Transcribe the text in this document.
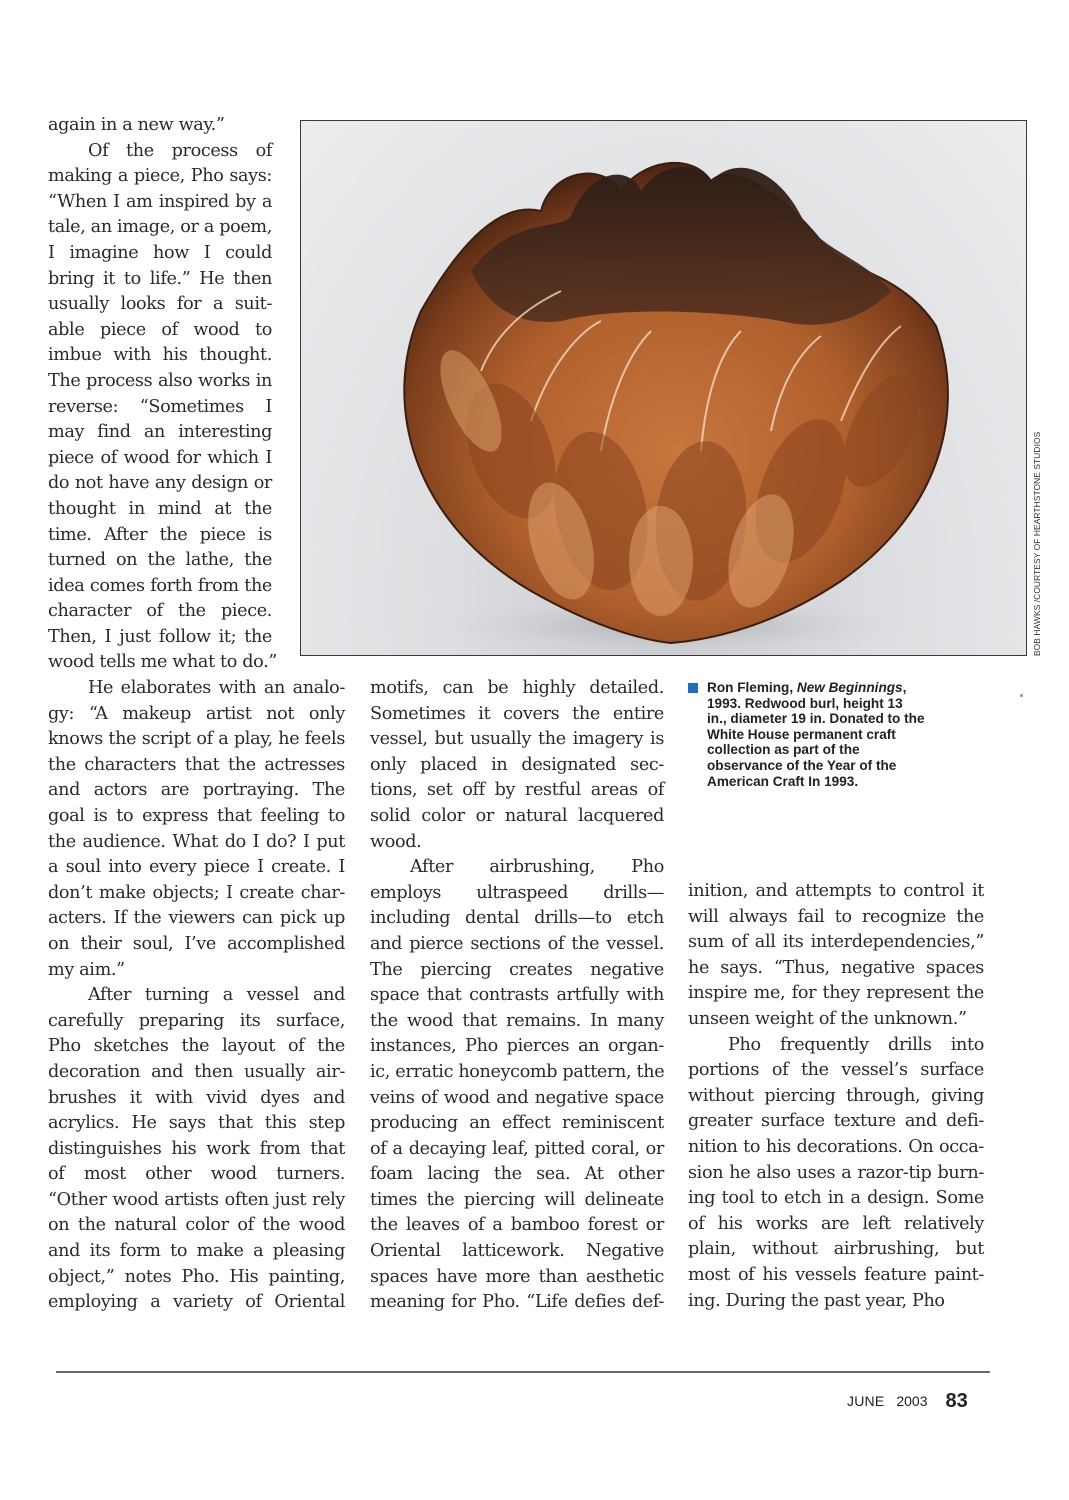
again in a new way.”
Of the process of
making a piece, Pho says:
“When I am inspired by a
tale, an image, or a poem,
I imagine how I could
bring it to life.” He then
usually looks for a suit-
able piece of wood to
imbue with his thought.
The process also works in
reverse: “Sometimes I
may find an interesting
piece of wood for which I
do not have any design or
thought in mind at the
time. After the piece is
turned on the lathe, the
idea comes forth from the
character of the piece.
Then, I just follow it; the
wood tells me what to do.”
BOB HAWKS /COURTESY OF HEARTHSTONE STUDIOS
He elaborates with an analo-
gy: “A makeup artist not only
knows the script of a play, he feels
the characters that the actresses
and actors are portraying. The
goal is to express that feeling to
the audience. What do I do? I put
a soul into every piece I create. I
don’t make objects; I create char-
acters. If the viewers can pick up
on their soul, I’ve accomplished
my aim.”
After turning a vessel and
carefully preparing its surface,
Pho sketches the layout of the
decoration and then usually air-
brushes it with vivid dyes and
acrylics. He says that this step
distinguishes his work from that
of most other wood turners.
“Other wood artists often just rely
on the natural color of the wood
and its form to make a pleasing
object,” notes Pho. His painting,
employing a variety of Oriental
motifs, can be highly detailed.
Sometimes it covers the entire
vessel, but usually the imagery is
only placed in designated sec-
tions, set off by restful areas of
solid color or natural lacquered
wood.
After airbrushing, Pho
employs ultraspeed drills—
including dental drills—to etch
and pierce sections of the vessel.
The piercing creates negative
space that contrasts artfully with
the wood that remains. In many
instances, Pho pierces an organ-
ic, erratic honeycomb pattern, the
veins of wood and negative space
producing an effect reminiscent
of a decaying leaf, pitted coral, or
foam lacing the sea. At other
times the piercing will delineate
the leaves of a bamboo forest or
Oriental latticework. Negative
spaces have more than aesthetic
meaning for Pho. “Life defies def-
Ron Fleming, New Beginnings,
1993. Redwood burl, height 13
in., diameter 19 in. Donated to the
White House permanent craft
collection as part of the
observance of the Year of the
American Craft In 1993.
inition, and attempts to control it
will always fail to recognize the
sum of all its interdependencies,”
he says. “Thus, negative spaces
inspire me, for they represent the
unseen weight of the unknown.”
Pho frequently drills into
portions of the vessel’s surface
without piercing through, giving
greater surface texture and defi-
nition to his decorations. On occa-
sion he also uses a razor-tip burn-
ing tool to etch in a design. Some
of his works are left relatively
plain, without airbrushing, but
most of his vessels feature paint-
ing. During the past year, Pho
JUNE 2003 83
